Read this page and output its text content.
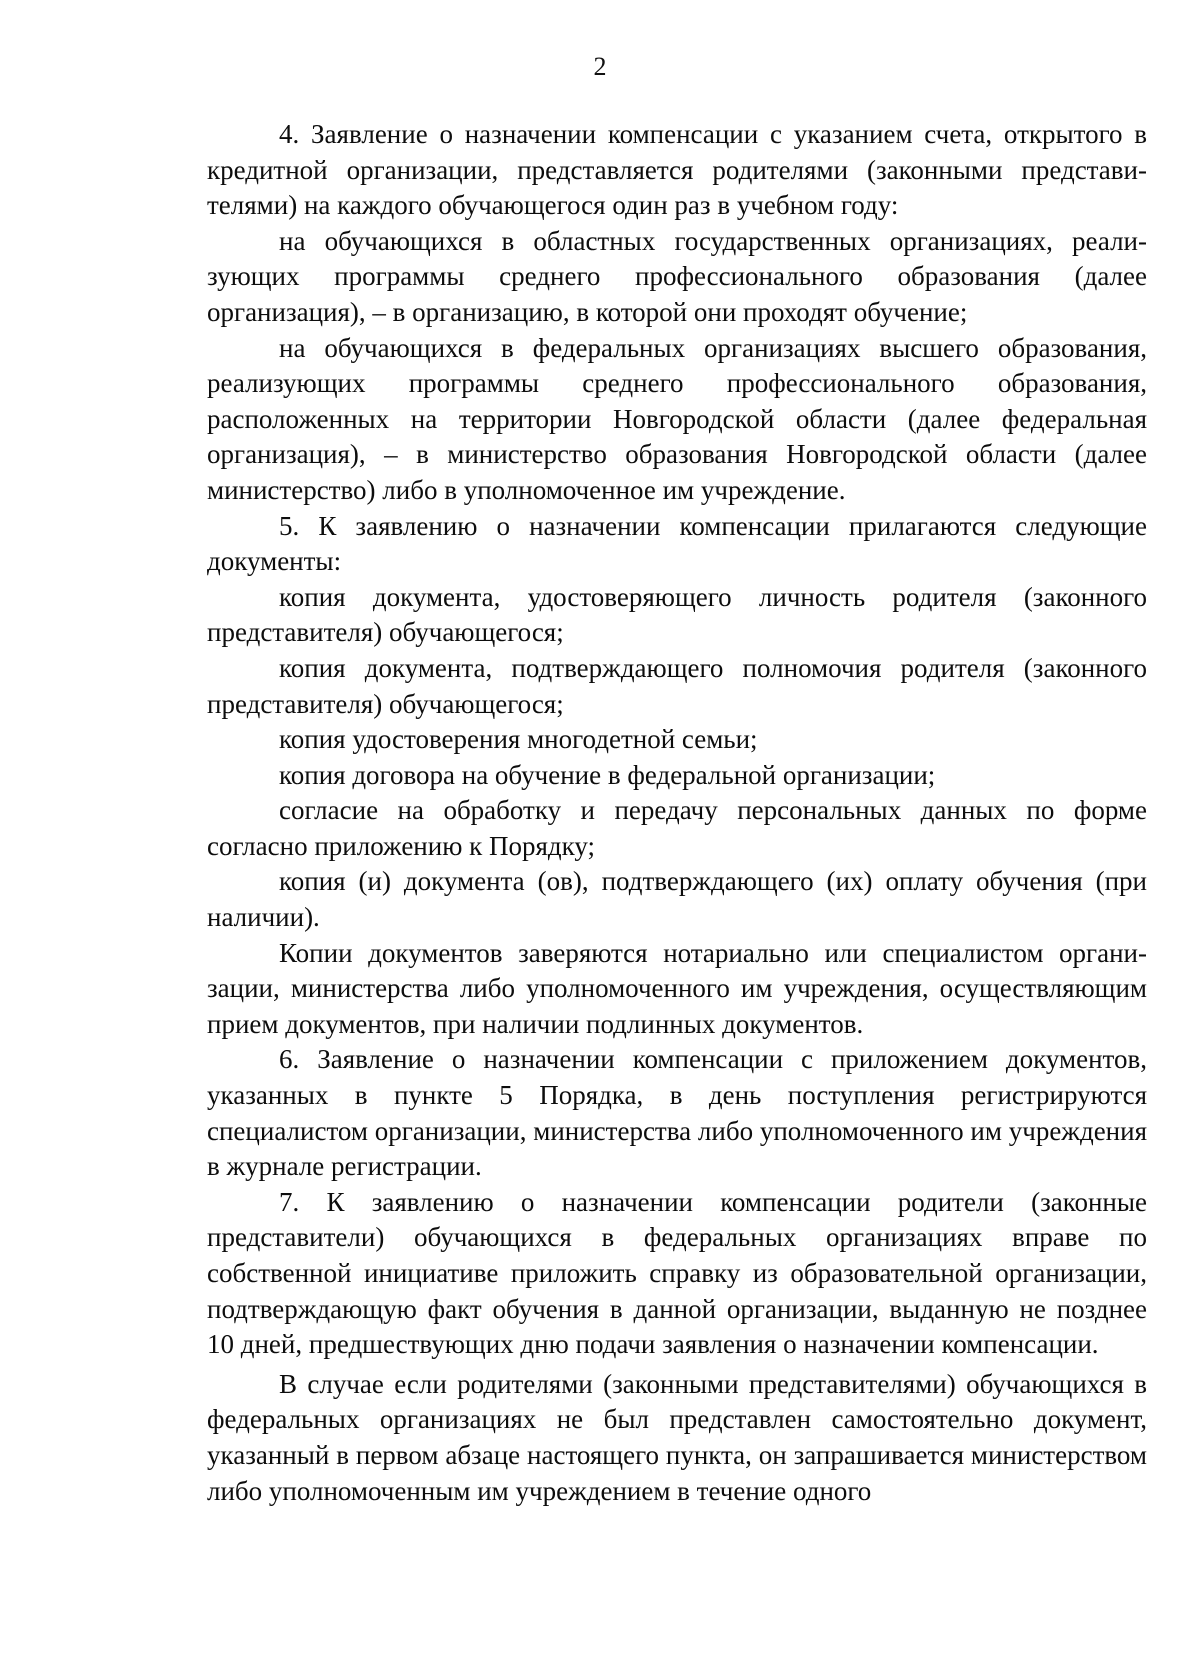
2

4. Заявление о назначении компенсации с указанием счета, открытого в кредитной организации, представляется родителями (законными представителями) на каждого обучающегося один раз в учебном году:

на обучающихся в областных государственных организациях, реализующих программы среднего профессионального образования (далее организация), – в организацию, в которой они проходят обучение;

на обучающихся в федеральных организациях высшего образования, реализующих программы среднего профессионального образования, расположенных на территории Новгородской области (далее федеральная организация), – в министерство образования Новгородской области (далее министерство) либо в уполномоченное им учреждение.

5. К заявлению о назначении компенсации прилагаются следующие документы:

копия документа, удостоверяющего личность родителя (законного представителя) обучающегося;

копия документа, подтверждающего полномочия родителя (законного представителя) обучающегося;

копия удостоверения многодетной семьи;

копия договора на обучение в федеральной организации;

согласие на обработку и передачу персональных данных по форме согласно приложению к Порядку;

копия (и) документа (ов), подтверждающего (их) оплату обучения (при наличии).

Копии документов заверяются нотариально или специалистом организации, министерства либо уполномоченного им учреждения, осуществляющим прием документов, при наличии подлинных документов.

6. Заявление о назначении компенсации с приложением документов, указанных в пункте 5 Порядка, в день поступления регистрируются специалистом организации, министерства либо уполномоченного им учреждения в журнале регистрации.

7. К заявлению о назначении компенсации родители (законные представители) обучающихся в федеральных организациях вправе по собственной инициативе приложить справку из образовательной организации, подтверждающую факт обучения в данной организации, выданную не позднее 10 дней, предшествующих дню подачи заявления о назначении компенсации.

В случае если родителями (законными представителями) обучающихся в федеральных организациях не был представлен самостоятельно документ, указанный в первом абзаце настоящего пункта, он запрашивается министерством либо уполномоченным им учреждением в течение одного
